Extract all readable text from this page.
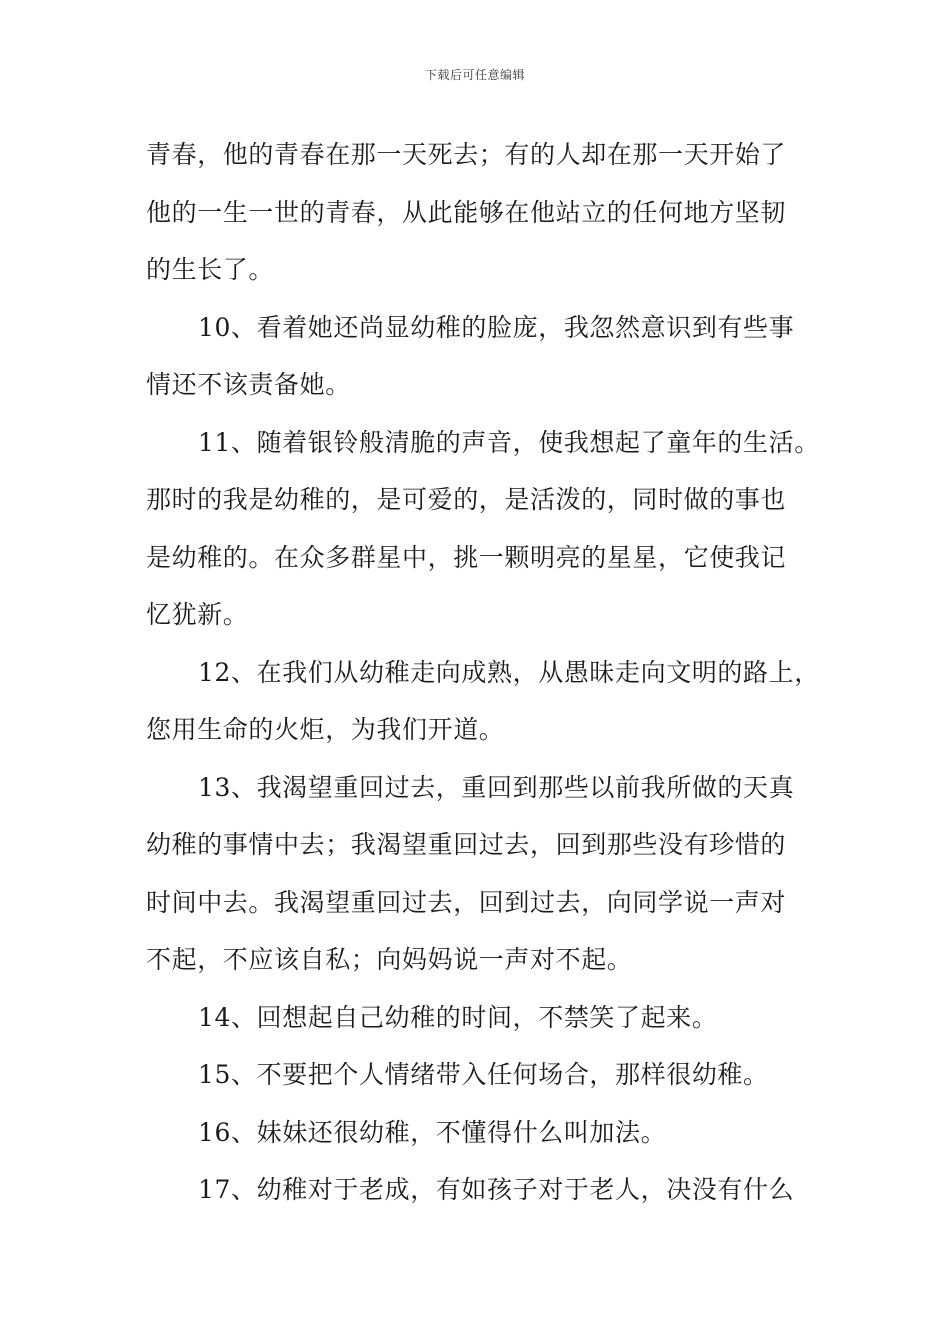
下载后可任意编辑
青春，他的青春在那一天死去；有的人却在那一天开始了
他的一生一世的青春，从此能够在他站立的任何地方坚韧
的生长了。
10、看着她还尚显幼稚的脸庞，我忽然意识到有些事
情还不该责备她。
11、随着银铃般清脆的声音，使我想起了童年的生活。
那时的我是幼稚的，是可爱的，是活泼的，同时做的事也
是幼稚的。在众多群星中，挑一颗明亮的星星，它使我记
忆犹新。
12、在我们从幼稚走向成熟，从愚昧走向文明的路上，
您用生命的火炬，为我们开道。
13、我渴望重回过去，重回到那些以前我所做的天真
幼稚的事情中去；我渴望重回过去，回到那些没有珍惜的
时间中去。我渴望重回过去，回到过去，向同学说一声对
不起，不应该自私；向妈妈说一声对不起。
14、回想起自己幼稚的时间，不禁笑了起来。
15、不要把个人情绪带入任何场合，那样很幼稚。
16、妹妹还很幼稚，不懂得什么叫加法。
17、幼稚对于老成，有如孩子对于老人，决没有什么
